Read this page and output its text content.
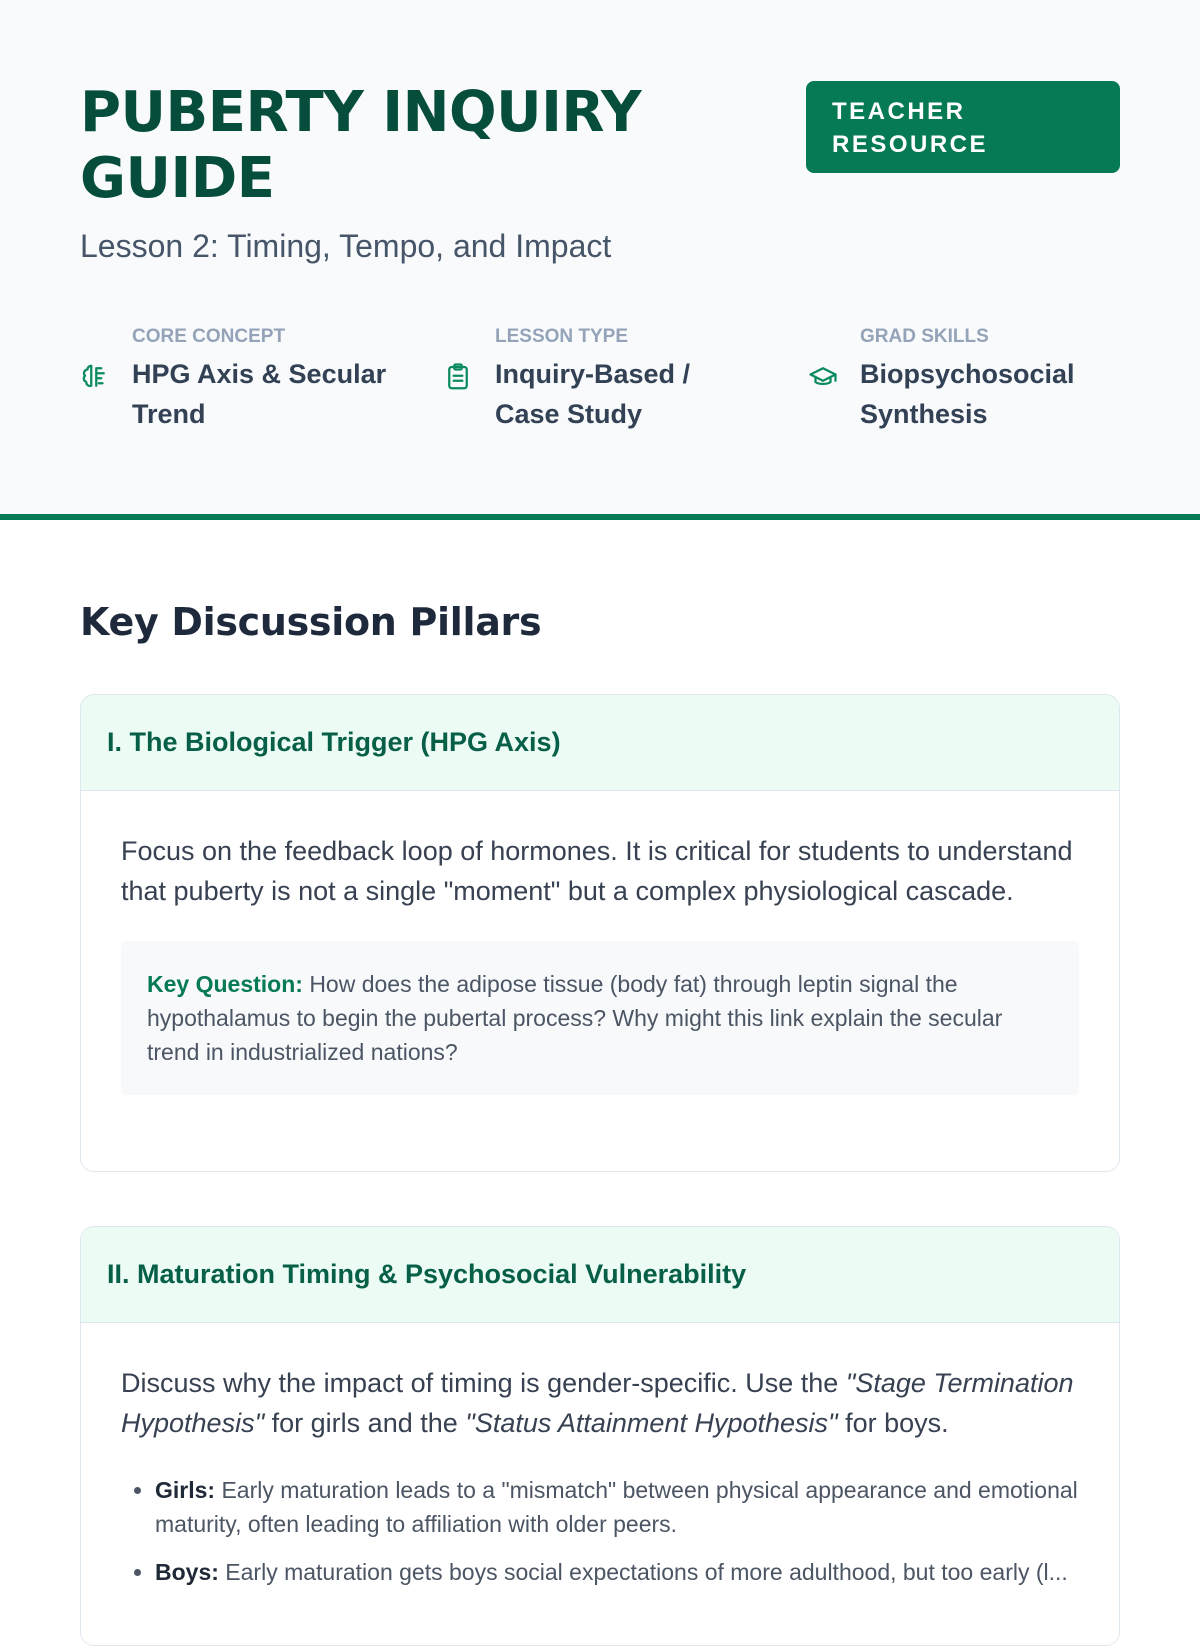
PUBERTY INQUIRY GUIDE
Lesson 2: Timing, Tempo, and Impact
TEACHER RESOURCE
CORE CONCEPT
HPG Axis & Secular Trend
LESSON TYPE
Inquiry-Based / Case Study
GRAD SKILLS
Biopsychosocial Synthesis
Key Discussion Pillars
I. The Biological Trigger (HPG Axis)

Focus on the feedback loop of hormones. It is critical for students to understand that puberty is not a single "moment" but a complex physiological cascade.

Key Question: How does the adipose tissue (body fat) through leptin signal the hypothalamus to begin the pubertal process? Why might this link explain the secular trend in industrialized nations?
II. Maturation Timing & Psychosocial Vulnerability

Discuss why the impact of timing is gender-specific. Use the "Stage Termination Hypothesis" for girls and the "Status Attainment Hypothesis" for boys.

• Girls: Early maturation leads to a "mismatch" between physical appearance and emotional maturity, often leading to affiliation with older peers.
• Boys: Early maturation gets boys social expectations of more adulthood, but too early (l...
